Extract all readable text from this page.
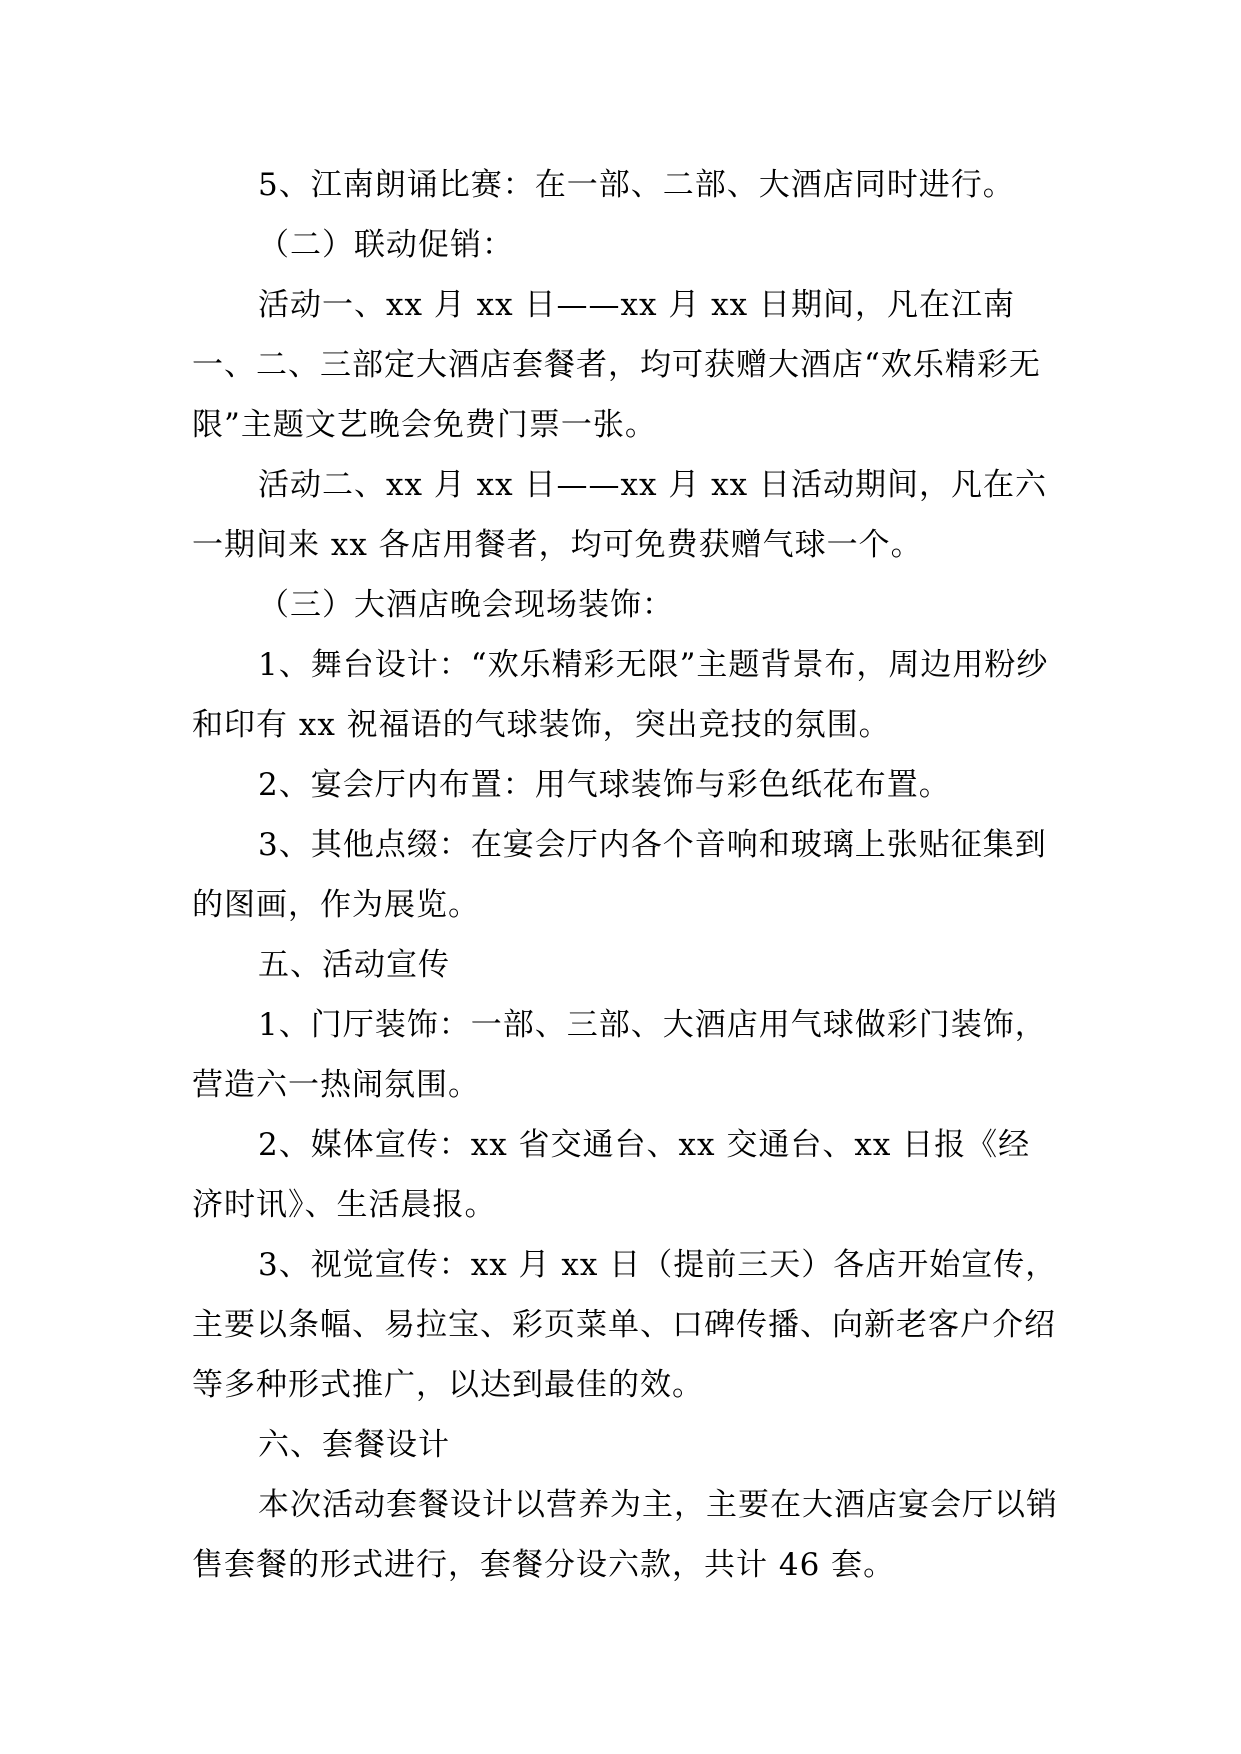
5、江南朗诵比赛：在一部、二部、大酒店同时进行。

（二）联动促销：

活动一、xx 月 xx 日——xx 月 xx 日期间，凡在江南一、二、三部定大酒店套餐者，均可获赠大酒店“欢乐精彩无限”主题文艺晚会免费门票一张。

活动二、xx 月 xx 日——xx 月 xx 日活动期间，凡在六一期间来 xx 各店用餐者，均可免费获赠气球一个。

（三）大酒店晚会现场装饰：

1、舞台设计：“欢乐精彩无限”主题背景布，周边用粉纱和印有 xx 祝福语的气球装饰，突出竞技的氛围。

2、宴会厅内布置：用气球装饰与彩色纸花布置。

3、其他点缀：在宴会厅内各个音响和玻璃上张贴征集到的图画，作为展览。

五、活动宣传

1、门厅装饰：一部、三部、大酒店用气球做彩门装饰，营造六一热闹氛围。

2、媒体宣传：xx 省交通台、xx 交通台、xx 日报《经济时讯》、生活晨报。

3、视觉宣传：xx 月 xx 日（提前三天）各店开始宣传，主要以条幅、易拉宝、彩页菜单、口碑传播、向新老客户介绍等多种形式推广，以达到最佳的效。

六、套餐设计

本次活动套餐设计以营养为主，主要在大酒店宴会厅以销售套餐的形式进行，套餐分设六款，共计 46 套。
